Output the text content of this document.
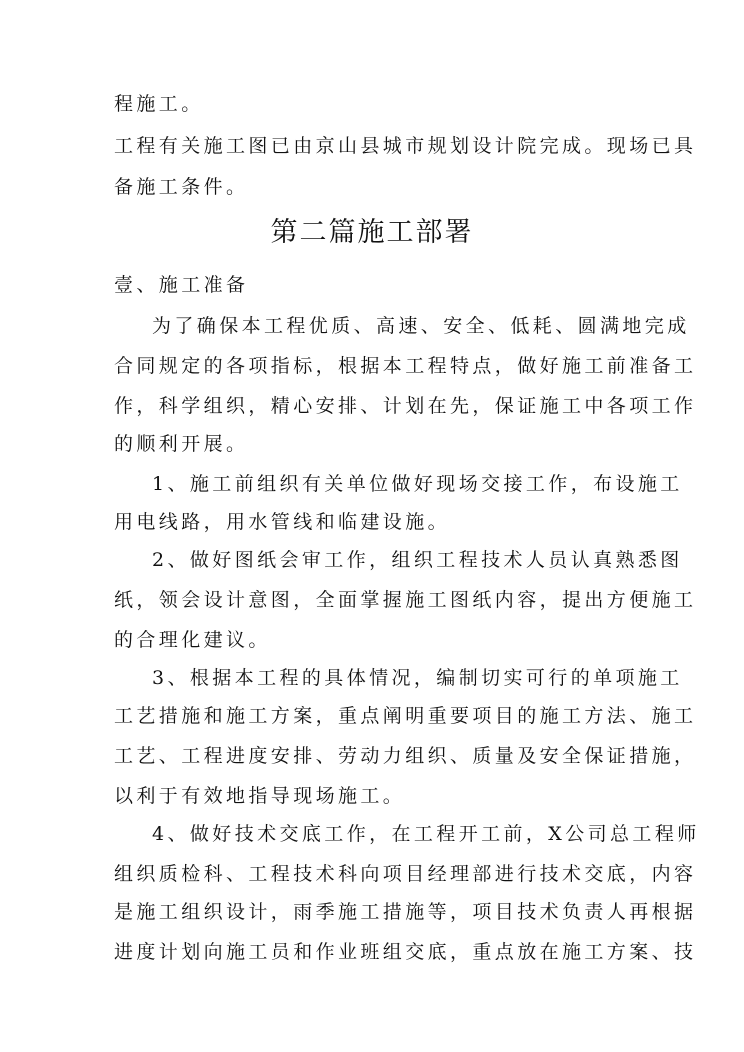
程施工。
工程有关施工图已由京山县城市规划设计院完成。现场已具
备施工条件。
第二篇施工部署
壹、施工准备
为了确保本工程优质、高速、安全、低耗、圆满地完成
合同规定的各项指标，根据本工程特点，做好施工前准备工
作，科学组织，精心安排、计划在先，保证施工中各项工作
的顺利开展。
1、施工前组织有关单位做好现场交接工作，布设施工
用电线路，用水管线和临建设施。
2、做好图纸会审工作，组织工程技术人员认真熟悉图
纸，领会设计意图，全面掌握施工图纸内容，提出方便施工
的合理化建议。
3、根据本工程的具体情况，编制切实可行的单项施工
工艺措施和施工方案，重点阐明重要项目的施工方法、施工
工艺、工程进度安排、劳动力组织、质量及安全保证措施，
以利于有效地指导现场施工。
4、做好技术交底工作，在工程开工前，X公司总工程师
组织质检科、工程技术科向项目经理部进行技术交底，内容
是施工组织设计，雨季施工措施等，项目技术负责人再根据
进度计划向施工员和作业班组交底，重点放在施工方案、技
